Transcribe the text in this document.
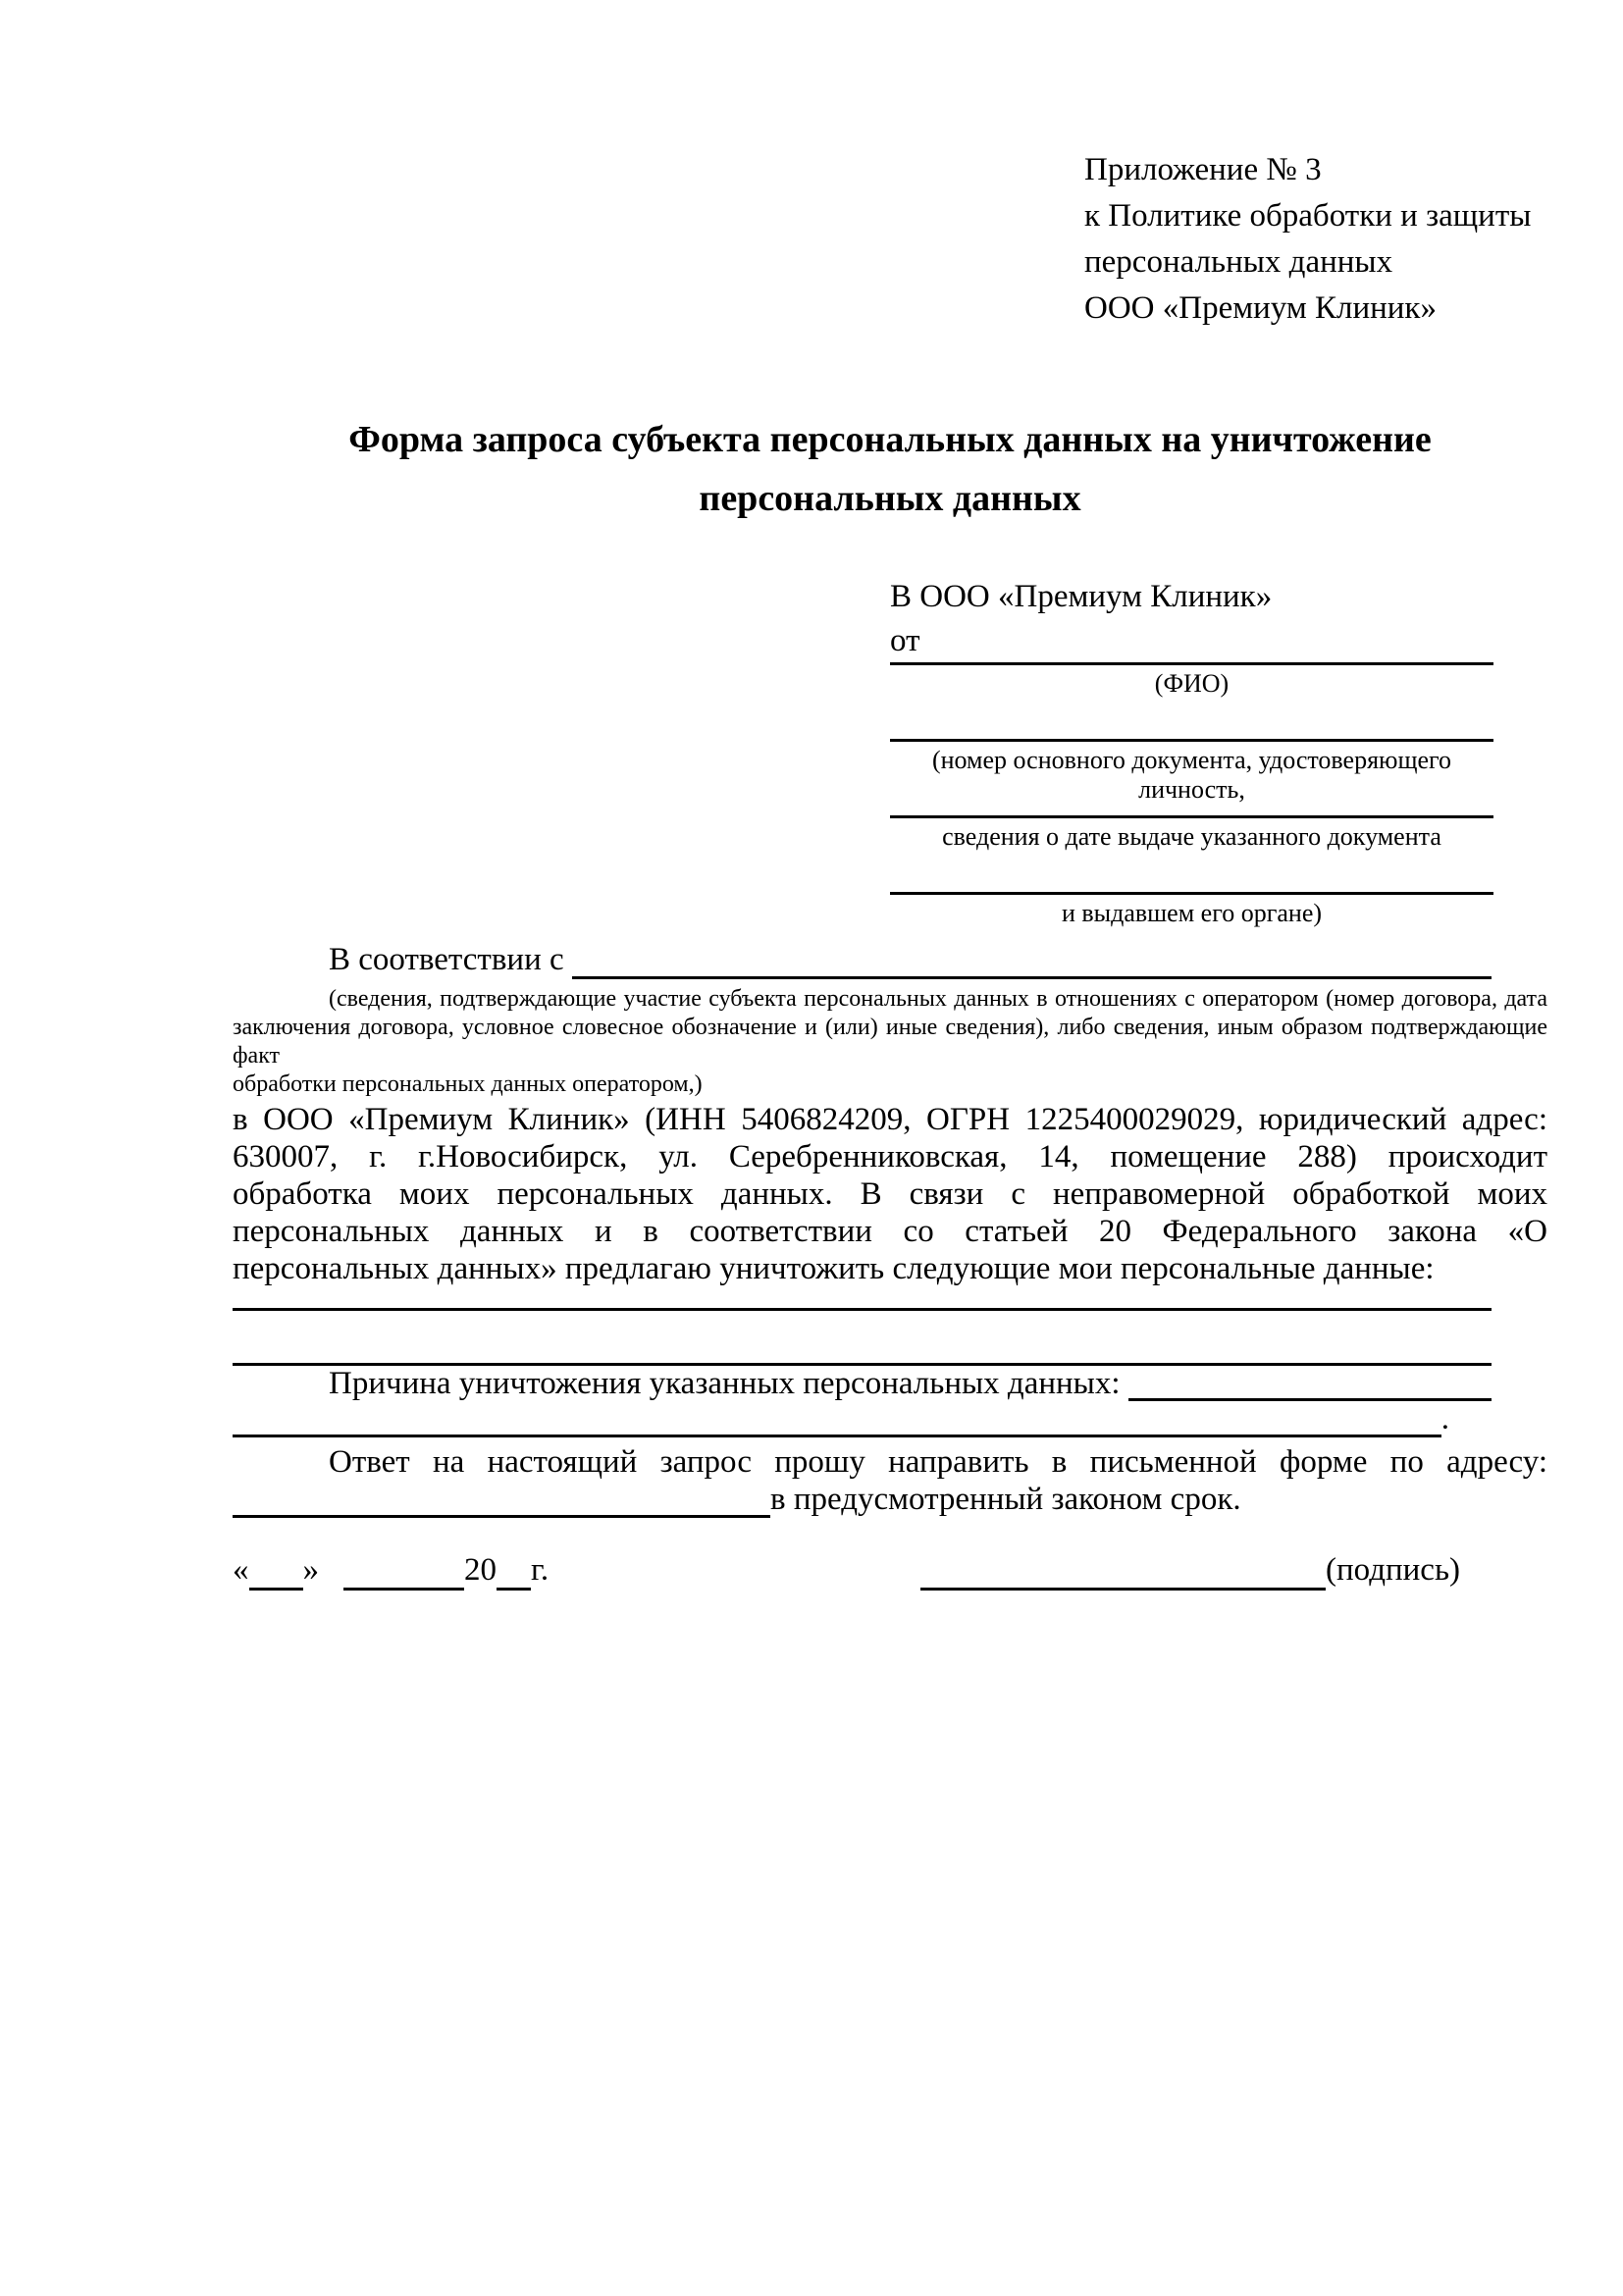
Приложение № 3
к Политике обработки и защиты
персональных данных
ООО «Премиум Клиник»
Форма запроса субъекта персональных данных на уничтожение
персональных данных
В ООО «Премиум Клиник»
от
(ФИО)
(номер основного документа, удостоверяющего личность,
сведения о дате выдаче указанного документа
и выдавшем его органе)
В соответствии с
(сведения, подтверждающие участие субъекта персональных данных в отношениях с оператором (номер договора, дата
заключения договора, условное словесное обозначение и (или) иные сведения), либо сведения, иным образом подтверждающие факт
обработки персональных данных оператором,)
в ООО «Премиум Клиник» (ИНН 5406824209, ОГРН 1225400029029, юридический адрес:
630007, г. г.Новосибирск, ул. Серебренниковская, 14, помещение 288) происходит
обработка моих персональных данных. В связи с неправомерной обработкой моих
персональных данных и в соответствии со статьей 20 Федерального закона «О
персональных данных» предлагаю уничтожить следующие мои персональные данные:
Причина уничтожения указанных персональных данных:
.
Ответ на настоящий запрос прошу направить в письменной форме по адресу:
в предусмотренный законом срок.
« »	20 г.	(подпись)
